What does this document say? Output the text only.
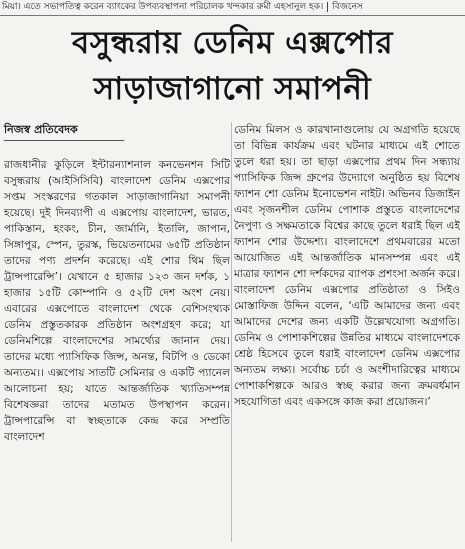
মিয়া। এতে সভাপতিত্ব করেন ব্যাংকের উপব্যবস্থাপনা পরিচালক খন্দকার রুমী এহসানুল হক। বিজনেস
বসুন্ধরায় ডেনিম এক্সপোর
সাড়াজাগানো সমাপনী
নিজস্ব প্রতিবেদক

রাজধানীর কুড়িলে ইন্টারন্যাশনাল কনভেনশন সিটি বসুন্ধরায় (আইসিসিবি) বাংলাদেশ ডেনিম এক্সপোর সপ্তম সংস্করণের গতকাল সাড়াজাগানিয়া সমাপনী হয়েছে। দুই দিনব্যাপী এ এক্সপোয় বাংলাদেশ, ভারত, পাকিস্তান, হংকং, চীন, জার্মানি, ইতালি, জাপান, সিঙ্গাপুর, স্পেন, তুরস্ক, ভিয়েতনামের ৬৫টি প্রতিষ্ঠান তাদের পণ্য প্রদর্শন করেছে। এই শোর থিম ছিল ট্রান্সপারেন্সি’। যেখানে ৫ হাজার ১২৩ জন দর্শক, ১ হাজার ১৫টি কোম্পানি ও ৫২টি দেশ অংশ নেয়। এবারের এক্সপোতে বাংলাদেশ থেকে বেশিসংখ্যক ডেনিম প্রস্তুতকারক প্রতিষ্ঠান অংশগ্রহণ করে; যা ডেনিমশিল্পে বাংলাদেশের সামর্থ্যের জানান দেয়। তাদের মধ্যে প্যাসিফিক জিন্স, অনন্ত, বিটপি ও ডেকো অন্যতম।। এক্সপোয় সাতটি সেমিনার ও একটি প্যানেল আলোচনা হয়; যাতে আন্তর্জাতিক খ্যাতিসম্পন্ন বিশেষজ্ঞরা তাদের মতামত উপস্থাপন করেন। ট্রান্সপারেন্সি বা স্বচ্ছতাকে কেন্দ্র করে সম্প্রতি বাংলাদেশ

ডেনিম মিলস ও কারখানাগুলোয় যে অগ্রগতি হয়েছে তা বিভিন্ন কার্যক্রম এবং ঘটনার মাধ্যমে এই শোতে তুলে ধরা হয়। তা ছাড়া এক্সপোর প্রথম দিন সন্ধ্যায় প্যাসিফিক জিন্স গ্রুপের উদ্যোগে অনুষ্ঠিত হয় বিশেষ ফ্যাশন শো ডেনিম ইনোভেশন নাইট। অভিনব ডিজাইন এবং সৃজনশীল ডেনিম পোশাক প্রস্তুতে বাংলাদেশের নৈপুণ্য ও সক্ষমতাকে বিশ্বের কাছে তুলে ধরাই ছিল এই ফ্যাশন শোর উদ্দেশ্য। বাংলাদেশে প্রথমবারের মতো আয়োজিত এই আন্তর্জাতিক মানসম্পন্ন এবং এই মাত্রার ফ্যাশন শো দর্শকদের ব্যাপক প্রশংসা অর্জন করে। বাংলাদেশ ডেনিম এক্সপোর প্রতিষ্ঠাতা ও সিইও মোস্তাফিজ উদ্দিন বলেন, ‘এটি আমাদের জন্য এবং আমাদের দেশের জন্য একটি উল্লেখযোগ্য অগ্রগতি। ডেনিম ও পোশাকশিল্পের উন্নতির মাধ্যমে বাংলাদেশকে শ্রেষ্ঠ হিসেবে তুলে ধরাই বাংলাদেশ ডেনিম এক্সপোর অন্যতম লক্ষ্য। সর্বোচ্চ চর্চা ও অংশীদারিত্বের মাধ্যমে পোশাকশিল্পকে আরও স্বচ্ছ করার জন্য ক্রমবর্ধমান সহযোগিতা এবং একসঙ্গে কাজ করা প্রয়োজন।’
